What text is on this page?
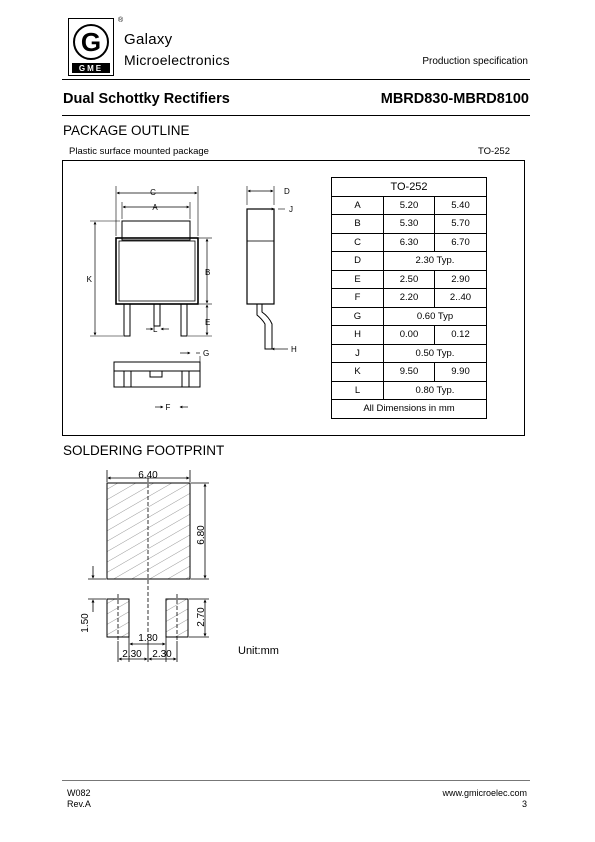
G
GME
®
Galaxy
Microelectronics	Production specification
Dual Schottky Rectifiers	MBRD830-MBRD8100
PACKAGE OUTLINE
Plastic surface mounted package	TO-252
C
A
B
E
K
L
G
F
D
J
H
6.40
6.80
2.70
1.50
1.80
2.30 2.30
TO-252		
A	5.20	5.40
B	5.30	5.70
C	6.30	6.70
D	2.30 Typ.	
E	2.50	2.90
F	2.20	2..40
G	0.60 Typ	
H	0.00	0.12
J	0.50 Typ.	
K	9.50	9.90
L	0.80 Typ.	
All Dimensions in mm		
SOLDERING FOOTPRINT
Unit:mm
W082
Rev.A
www.gmicroelec.com
3
